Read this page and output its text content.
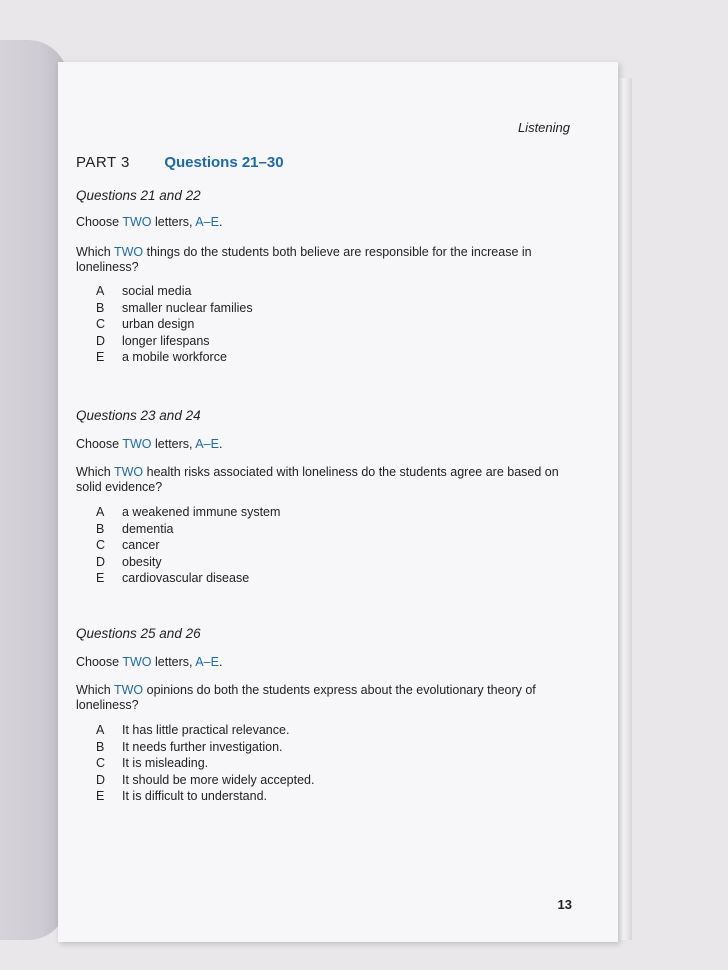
Listening
PART 3 Questions 21–30

Questions 21 and 22

Choose TWO letters, A–E.

Which TWO things do the students both believe are responsible for the increase in loneliness?

A	social media
B	smaller nuclear families
C	urban design
D	longer lifespans
E	a mobile workforce

Questions 23 and 24

Choose TWO letters, A–E.

Which TWO health risks associated with loneliness do the students agree are based on solid evidence?

A	a weakened immune system
B	dementia
C	cancer
D	obesity
E	cardiovascular disease

Questions 25 and 26

Choose TWO letters, A–E.

Which TWO opinions do both the students express about the evolutionary theory of loneliness?

A	It has little practical relevance.
B	It needs further investigation.
C	It is misleading.
D	It should be more widely accepted.
E	It is difficult to understand.
13
